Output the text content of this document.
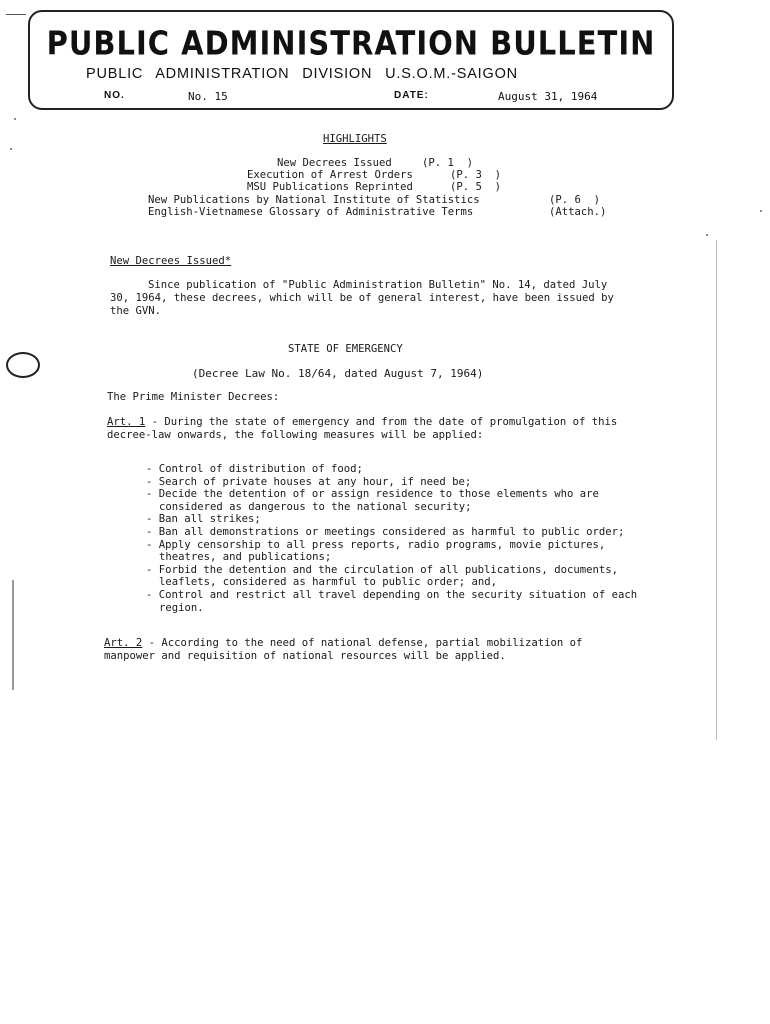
PUBLIC ADMINISTRATION BULLETIN
PUBLIC ADMINISTRATION DIVISION U.S.O.M.-SAIGON
NO.	No. 15	DATE:	August 31, 1964
HIGHLIGHTS
New Decrees Issued	(P. 1  )
Execution of Arrest Orders	(P. 3  )
MSU Publications Reprinted	(P. 5  )
New Publications by National Institute of Statistics	(P. 6  )
English-Vietnamese Glossary of Administrative Terms	(Attach.)
New Decrees Issued*
Since publication of "Public Administration Bulletin" No. 14, dated July 30, 1964, these decrees, which will be of general interest, have been issued by the GVN.
STATE OF EMERGENCY
(Decree Law No. 18/64, dated August 7, 1964)
The Prime Minister Decrees:
Art. 1 - During the state of emergency and from the date of promulgation of this decree-law onwards, the following measures will be applied:
- Control of distribution of food;
- Search of private houses at any hour, if need be;
- Decide the detention of or assign residence to those elements who are considered as dangerous to the national security;
- Ban all strikes;
- Ban all demonstrations or meetings considered as harmful to public order;
- Apply censorship to all press reports, radio programs, movie pictures, theatres, and publications;
- Forbid the detention and the circulation of all publications, documents, leaflets, considered as harmful to public order; and,
- Control and restrict all travel depending on the security situation of each region.
Art. 2 - According to the need of national defense, partial mobilization of manpower and requisition of national resources will be applied.
